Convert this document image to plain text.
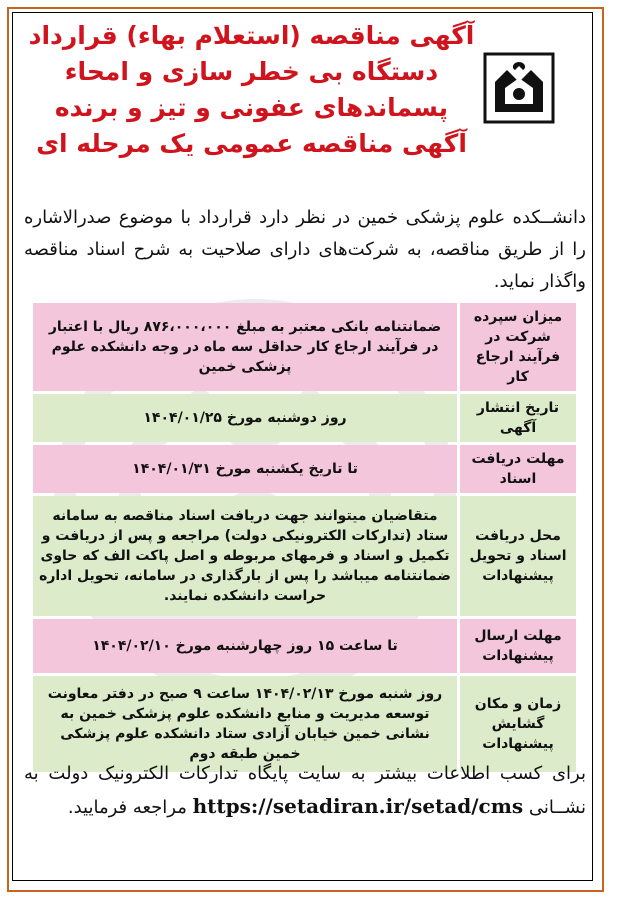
آگهی مناقصه (استعلام بهاء) قرارداد
دستگاه بی خطر سازی و امحاء
پسماندهای عفونی و تیز و برنده
آگهی مناقصه عمومی یک مرحله ای
دانشــکده علوم پزشکی خمین در نظر دارد قرارداد با موضوع صدرالاشاره را از طریق مناقصه، به شرکت‌های دارای صلاحیت به شرح اسناد مناقصه واگذار نماید.
میزان سپرده شرکت در فرآیند ارجاع کار	ضمانتنامه بانکی معتبر به مبلغ ۸۷۶،۰۰۰،۰۰۰ ریال با اعتبار در فرآیند ارجاع کار حداقل سه ماه در وجه دانشکده علوم پزشکی خمین
تاریخ انتشار آگهی	روز دوشنبه مورخ ۱۴۰۴/۰۱/۲۵
مهلت دریافت اسناد	تا تاریخ یکشنبه مورخ ۱۴۰۴/۰۱/۳۱
محل دریافت اسناد و تحویل پیشنهادات	متقاضیان میتوانند جهت دریافت اسناد مناقصه به سامانه ستاد (تدارکات الکترونیکی دولت) مراجعه و پس از دریافت و تکمیل و اسناد و فرمهای مربوطه و اصل پاکت الف که حاوی ضمانتنامه میباشد را پس از بارگذاری در سامانه، تحویل اداره حراست دانشکده نمایند.
مهلت ارسال پیشنهادات	تا ساعت ۱۵ روز چهارشنبه مورخ ۱۴۰۴/۰۲/۱۰
زمان و مکان گشایش پیشنهادات	روز شنبه مورخ ۱۴۰۴/۰۲/۱۳ ساعت ۹ صبح در دفتر معاونت توسعه مدیریت و منابع دانشکده علوم پزشکی خمین به نشانی خمین خیابان آزادی ستاد دانشکده علوم پزشکی خمین طبقه دوم
برای کسب اطلاعات بیشتر به سایت پایگاه تدارکات الکترونیک دولت به نشــانی https://setadiran.ir/setad/cms مراجعه فرمایید.
